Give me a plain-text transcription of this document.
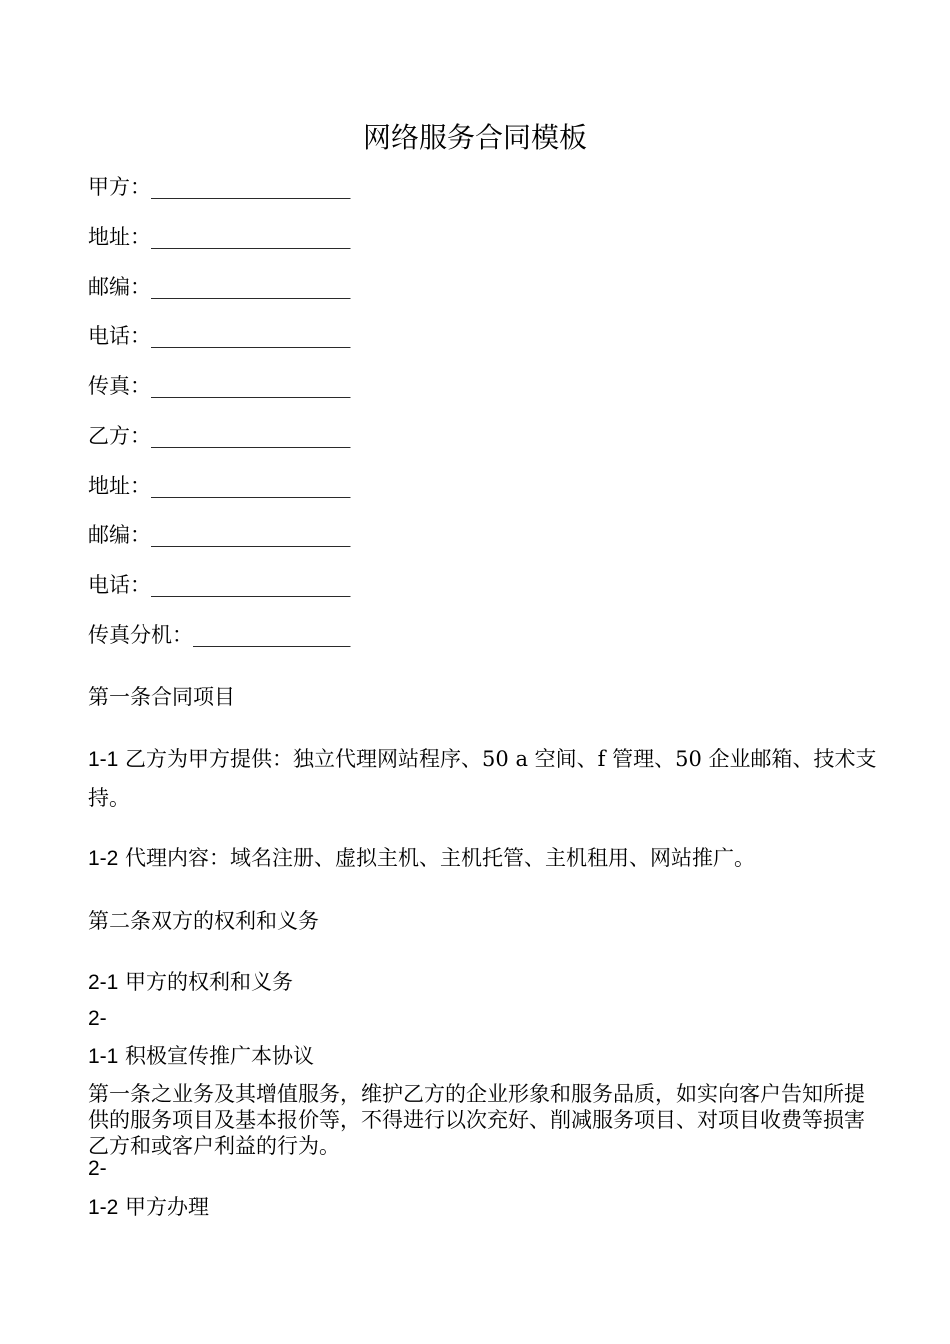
网络服务合同模板
甲方：___________________
地址：___________________
邮编：___________________
电话：___________________
传真：___________________
乙方：___________________
地址：___________________
邮编：___________________
电话：___________________
传真分机：_______________
第一条合同项目
1-1 乙方为甲方提供：独立代理网站程序、50 a 空间、f 管理、50 企业邮箱、技术支持。
1-2 代理内容：域名注册、虚拟主机、主机托管、主机租用、网站推广。
第二条双方的权利和义务
2-1 甲方的权利和义务
2-
1-1 积极宣传推广本协议
第一条之业务及其增值服务，维护乙方的企业形象和服务品质，如实向客户告知所提供的服务项目及基本报价等，不得进行以次充好、削减服务项目、对项目收费等损害乙方和或客户利益的行为。
2-
1-2 甲方办理
